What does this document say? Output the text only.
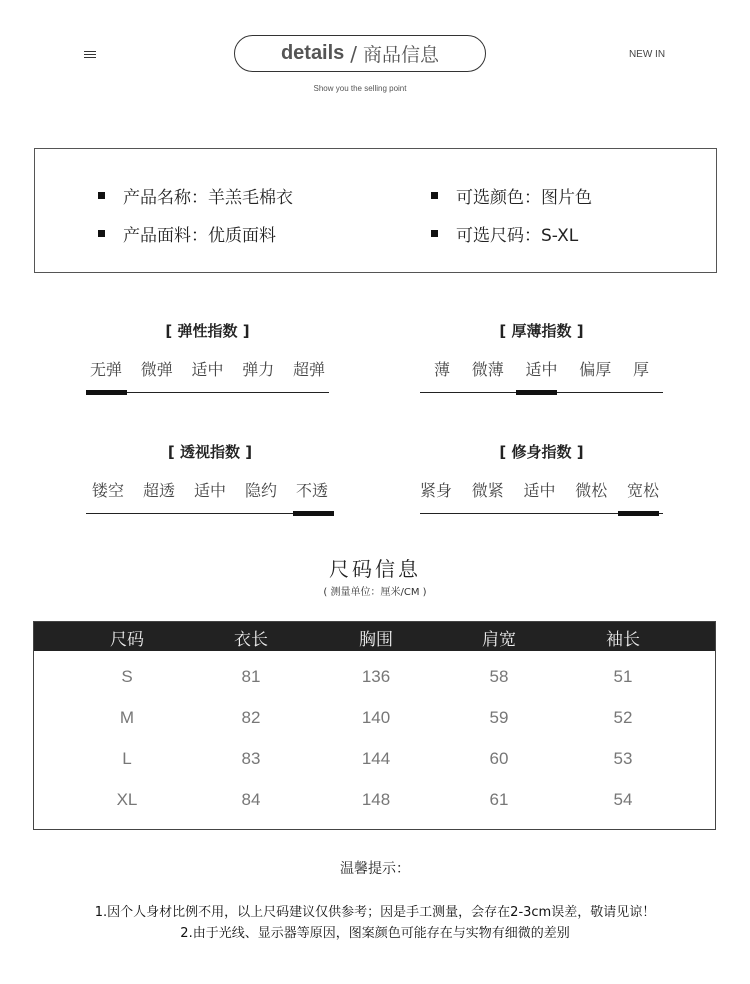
details / 商品信息	NEW IN
Show you the selling point
产品名称：羊羔毛棉衣	可选颜色：图片色
产品面料：优质面料	可选尺码：S-XL
[ 弹性指数 ]
无弹 微弹 适中 弹力 超弹
[ 厚薄指数 ]
薄 微薄 适中 偏厚 厚
[ 透视指数 ]
镂空 超透 适中 隐约 不透
[ 修身指数 ]
紧身 微紧 适中 微松 宽松
尺码信息
( 测量单位：厘米/CM )
尺码	衣长	胸围	肩宽	袖长
S	81	136	58	51
M	82	140	59	52
L	83	144	60	53
XL	84	148	61	54
温馨提示：
1.因个人身材比例不用，以上尺码建议仅供参考；因是手工测量，会存在2-3cm误差，敬请见谅！
2.由于光线、显示器等原因，图案颜色可能存在与实物有细微的差别
